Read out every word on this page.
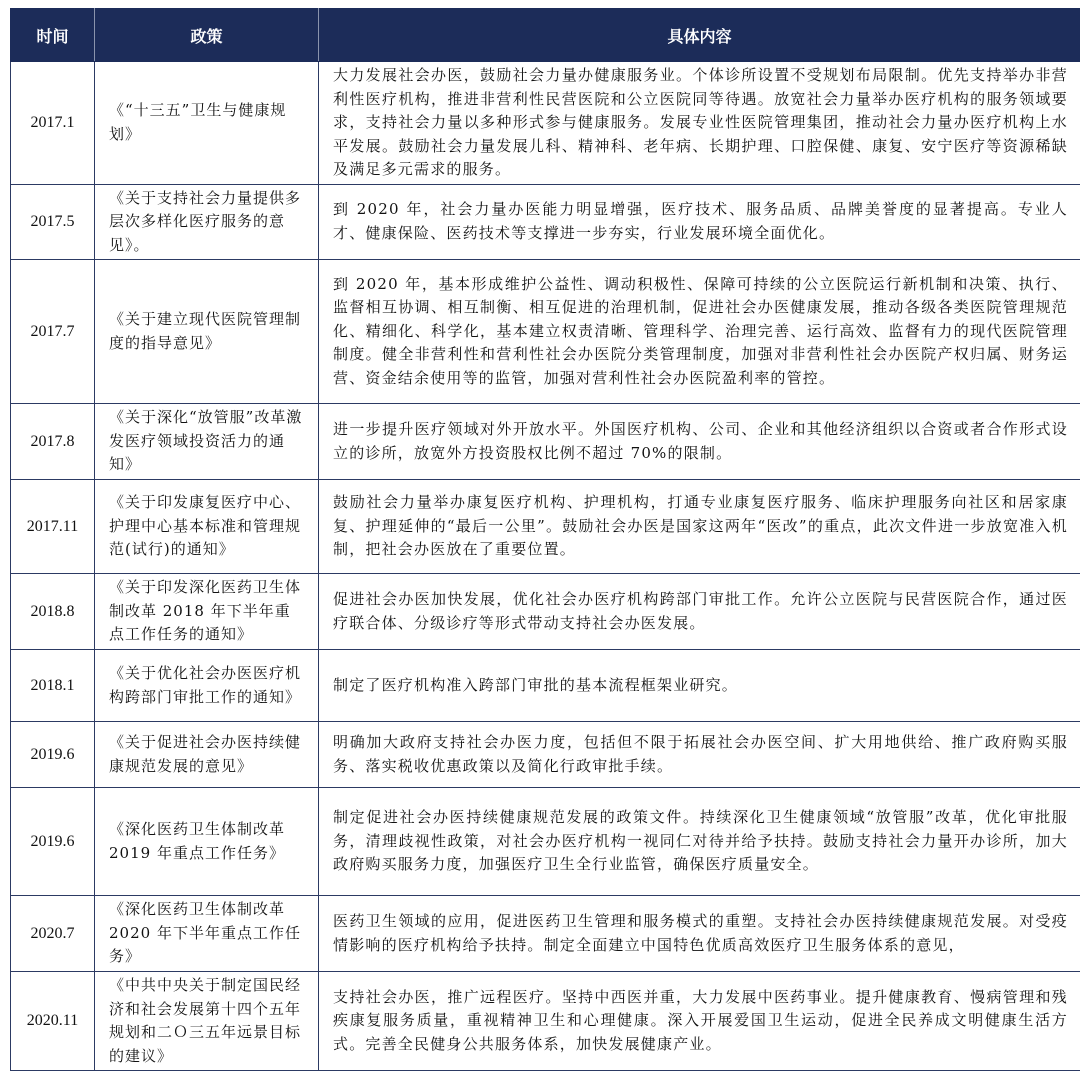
时间	政策	具体内容
2017.1	《“十三五”卫生与健康规划》	大力发展社会办医，鼓励社会力量办健康服务业。个体诊所设置不受规划布局限制。优先支持举办非营利性医疗机构，推进非营利性民营医院和公立医院同等待遇。放宽社会力量举办医疗机构的服务领域要求，支持社会力量以多种形式参与健康服务。发展专业性医院管理集团，推动社会力量办医疗机构上水平发展。鼓励社会力量发展儿科、精神科、老年病、长期护理、口腔保健、康复、安宁医疗等资源稀缺及满足多元需求的服务。
2017.5	《关于支持社会力量提供多层次多样化医疗服务的意见》。	到 2020 年，社会力量办医能力明显增强，医疗技术、服务品质、品牌美誉度的显著提高。专业人才、健康保险、医药技术等支撑进一步夯实，行业发展环境全面优化。
2017.7	《关于建立现代医院管理制度的指导意见》	到 2020 年，基本形成维护公益性、调动积极性、保障可持续的公立医院运行新机制和决策、执行、监督相互协调、相互制衡、相互促进的治理机制，促进社会办医健康发展，推动各级各类医院管理规范化、精细化、科学化，基本建立权责清晰、管理科学、治理完善、运行高效、监督有力的现代医院管理制度。健全非营利性和营利性社会办医院分类管理制度，加强对非营利性社会办医院产权归属、财务运营、资金结余使用等的监管，加强对营利性社会办医院盈利率的管控。
2017.8	《关于深化“放管服”改革激发医疗领域投资活力的通知》	进一步提升医疗领域对外开放水平。外国医疗机构、公司、企业和其他经济组织以合资或者合作形式设立的诊所，放宽外方投资股权比例不超过 70%的限制。
2017.11	《关于印发康复医疗中心、护理中心基本标准和管理规范(试行)的通知》	鼓励社会力量举办康复医疗机构、护理机构，打通专业康复医疗服务、临床护理服务向社区和居家康复、护理延伸的“最后一公里”。鼓励社会办医是国家这两年“医改”的重点，此次文件进一步放宽准入机制，把社会办医放在了重要位置。
2018.8	《关于印发深化医药卫生体制改革 2018 年下半年重点工作任务的通知》	促进社会办医加快发展，优化社会办医疗机构跨部门审批工作。允许公立医院与民营医院合作，通过医疗联合体、分级诊疗等形式带动支持社会办医发展。
2018.1	《关于优化社会办医医疗机构跨部门审批工作的通知》	制定了医疗机构准入跨部门审批的基本流程框架业研究。
2019.6	《关于促进社会办医持续健康规范发展的意见》	明确加大政府支持社会办医力度，包括但不限于拓展社会办医空间、扩大用地供给、推广政府购买服务、落实税收优惠政策以及简化行政审批手续。
2019.6	《深化医药卫生体制改革 2019 年重点工作任务》	制定促进社会办医持续健康规范发展的政策文件。持续深化卫生健康领域“放管服”改革，优化审批服务，清理歧视性政策，对社会办医疗机构一视同仁对待并给予扶持。鼓励支持社会力量开办诊所，加大政府购买服务力度，加强医疗卫生全行业监管，确保医疗质量安全。
2020.7	《深化医药卫生体制改革 2020 年下半年重点工作任务》	医药卫生领域的应用，促进医药卫生管理和服务模式的重塑。支持社会办医持续健康规范发展。对受疫情影响的医疗机构给予扶持。制定全面建立中国特色优质高效医疗卫生服务体系的意见，
2020.11	《中共中央关于制定国民经济和社会发展第十四个五年规划和二Ｏ三五年远景目标的建议》	支持社会办医，推广远程医疗。坚持中西医并重，大力发展中医药事业。提升健康教育、慢病管理和残疾康复服务质量，重视精神卫生和心理健康。深入开展爱国卫生运动，促进全民养成文明健康生活方式。完善全民健身公共服务体系，加快发展健康产业。
